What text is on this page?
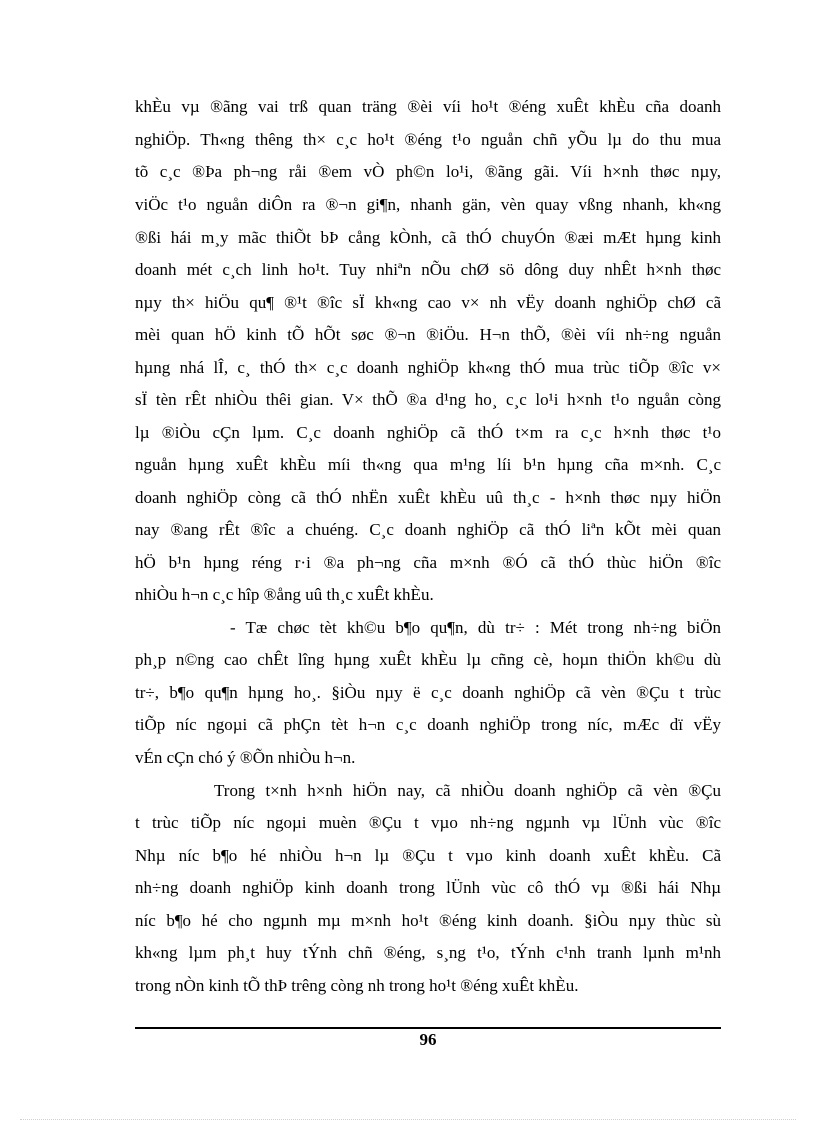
khÈu vµ ®ãng vai trß quan träng ®èi víi ho¹t ®éng xuÊt khÈu cña doanh
nghiÖp. Th«ng thêng th× c¸c ho¹t ®éng t¹o nguån chñ yÕu lµ do thu mua
tõ c¸c ®Þa ph¬ng råi ®em vÒ ph©n lo¹i, ®ãng gãi. Víi h×nh thøc nµy,
viÖc t¹o nguån diÔn ra ®¬n gi¶n, nhanh gän, vèn quay vßng nhanh, kh«ng
®ßi hái m¸y mãc thiÕt bÞ cång kÒnh, cã thÓ chuyÓn ®æi mÆt hµng kinh
doanh mét c¸ch linh ho¹t. Tuy nhiªn nÕu chØ sö dông duy nhÊt h×nh thøc
nµy th× hiÖu qu¶ ®¹t ®îc sÏ kh«ng cao v× nh vËy doanh nghiÖp chØ cã
mèi quan hÖ kinh tÕ hÕt søc ®¬n ®iÖu. H¬n thÕ, ®èi víi nh÷ng nguån
hµng nhá lÎ, c¸ thÓ th× c¸c doanh nghiÖp kh«ng thÓ mua trùc tiÕp ®îc v×
sÏ tèn rÊt nhiÒu thêi gian. V× thÕ ®a d¹ng ho¸ c¸c lo¹i h×nh t¹o nguån còng
lµ ®iÒu cÇn lµm. C¸c doanh nghiÖp cã thÓ t×m ra c¸c h×nh thøc t¹o
nguån hµng xuÊt khÈu míi th«ng qua m¹ng líi b¹n hµng cña m×nh. C¸c
doanh nghiÖp còng cã thÓ nhËn xuÊt khÈu uû th¸c - h×nh thøc nµy hiÖn
nay ®ang rÊt ®îc a chuéng. C¸c doanh nghiÖp cã thÓ liªn kÕt mèi quan
hÖ b¹n hµng réng r·i ®a ph¬ng cña m×nh ®Ó cã thÓ thùc hiÖn ®îc
nhiÒu h¬n c¸c hîp ®ång uû th¸c xuÊt khÈu.
- Tæ chøc tèt kh©u b¶o qu¶n, dù tr÷ : Mét trong nh÷ng biÖn
ph¸p n©ng cao chÊt lîng hµng xuÊt khÈu lµ cñng cè, hoµn thiÖn kh©u dù
tr÷, b¶o qu¶n hµng ho¸. §iÒu nµy ë c¸c doanh nghiÖp cã vèn ®Çu t trùc
tiÕp níc ngoµi cã phÇn tèt h¬n c¸c doanh nghiÖp trong níc, mÆc dï vËy
vÉn cÇn chó ý ®Õn nhiÒu h¬n.
Trong t×nh h×nh hiÖn nay, cã nhiÒu doanh nghiÖp cã vèn ®Çu
t trùc tiÕp níc ngoµi muèn ®Çu t vµo nh÷ng ngµnh vµ lÜnh vùc ®îc
Nhµ níc b¶o hé nhiÒu h¬n lµ ®Çu t vµo kinh doanh xuÊt khÈu. Cã
nh÷ng doanh nghiÖp kinh doanh trong lÜnh vùc cô thÓ vµ ®ßi hái Nhµ
níc b¶o hé cho ngµnh mµ m×nh ho¹t ®éng kinh doanh. §iÒu nµy thùc sù
kh«ng lµm ph¸t huy tÝnh chñ ®éng, s¸ng t¹o, tÝnh c¹nh tranh lµnh m¹nh
trong nÒn kinh tÕ thÞ trêng còng nh trong ho¹t ®éng xuÊt khÈu.
96
